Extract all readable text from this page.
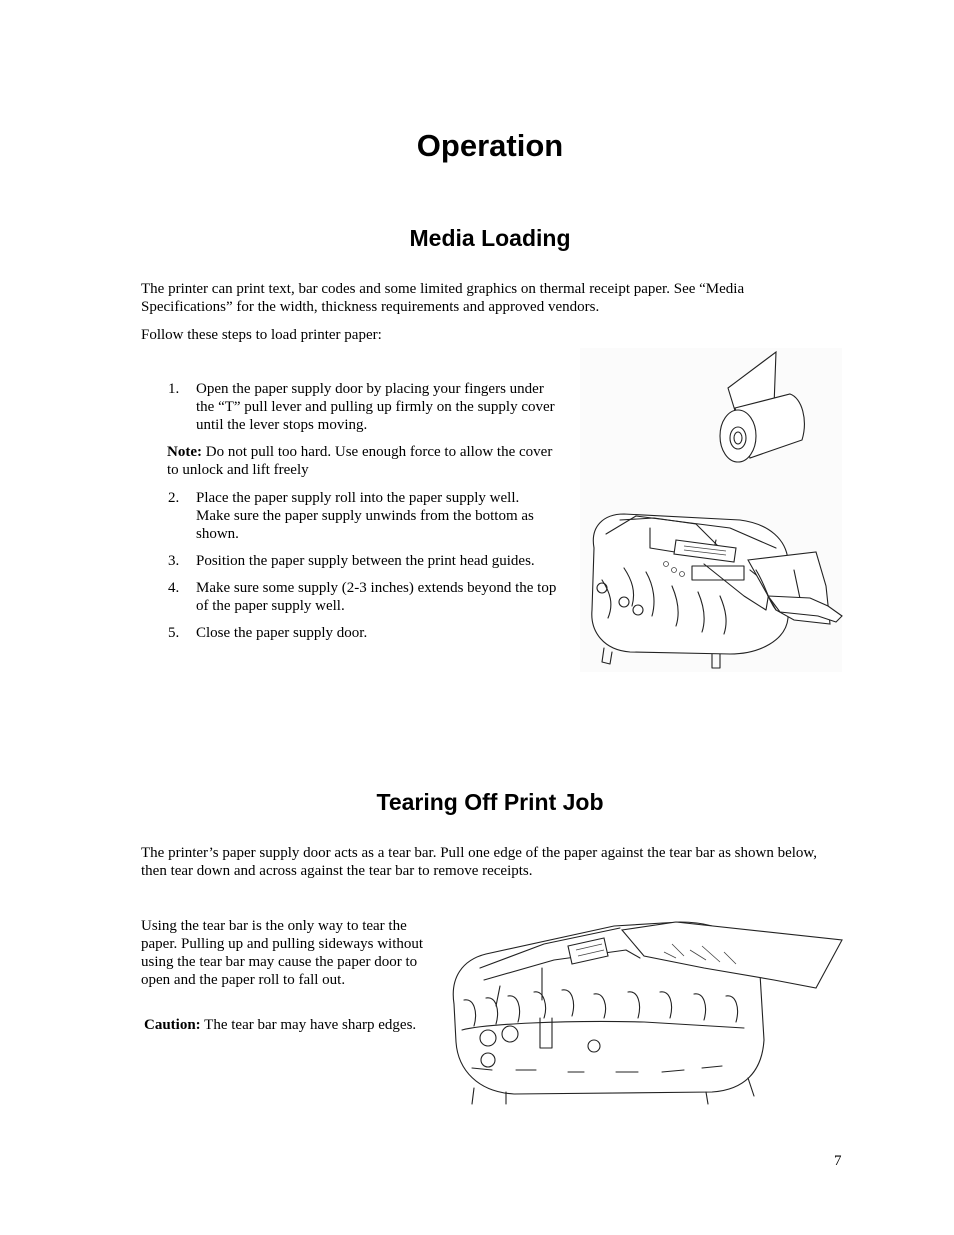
Operation
Media Loading

The printer can print text, bar codes and some limited graphics on thermal receipt paper. See “Media Specifications” for the width, thickness requirements and approved vendors.

Follow these steps to load printer paper:

1. Open the paper supply door by placing your fingers under the “T” pull lever and pulling up firmly on the supply cover until the lever stops moving.

Note: Do not pull too hard. Use enough force to allow the cover to unlock and lift freely
2. Place the paper supply roll into the paper supply well. Make sure the paper supply unwinds from the bottom as shown.

3. Position the paper supply between the print head guides.

4. Make sure some supply (2-3 inches) extends beyond the top of the paper supply well.

5. Close the paper supply door.

Tearing Off Print Job

The printer’s paper supply door acts as a tear bar. Pull one edge of the paper against the tear bar as shown below, then tear down and across against the tear bar to remove receipts.

Using the tear bar is the only way to tear the paper. Pulling up and pulling sideways without using the tear bar may cause the paper door to open and the paper roll to fall out.

Caution: The tear bar may have sharp edges.
7
